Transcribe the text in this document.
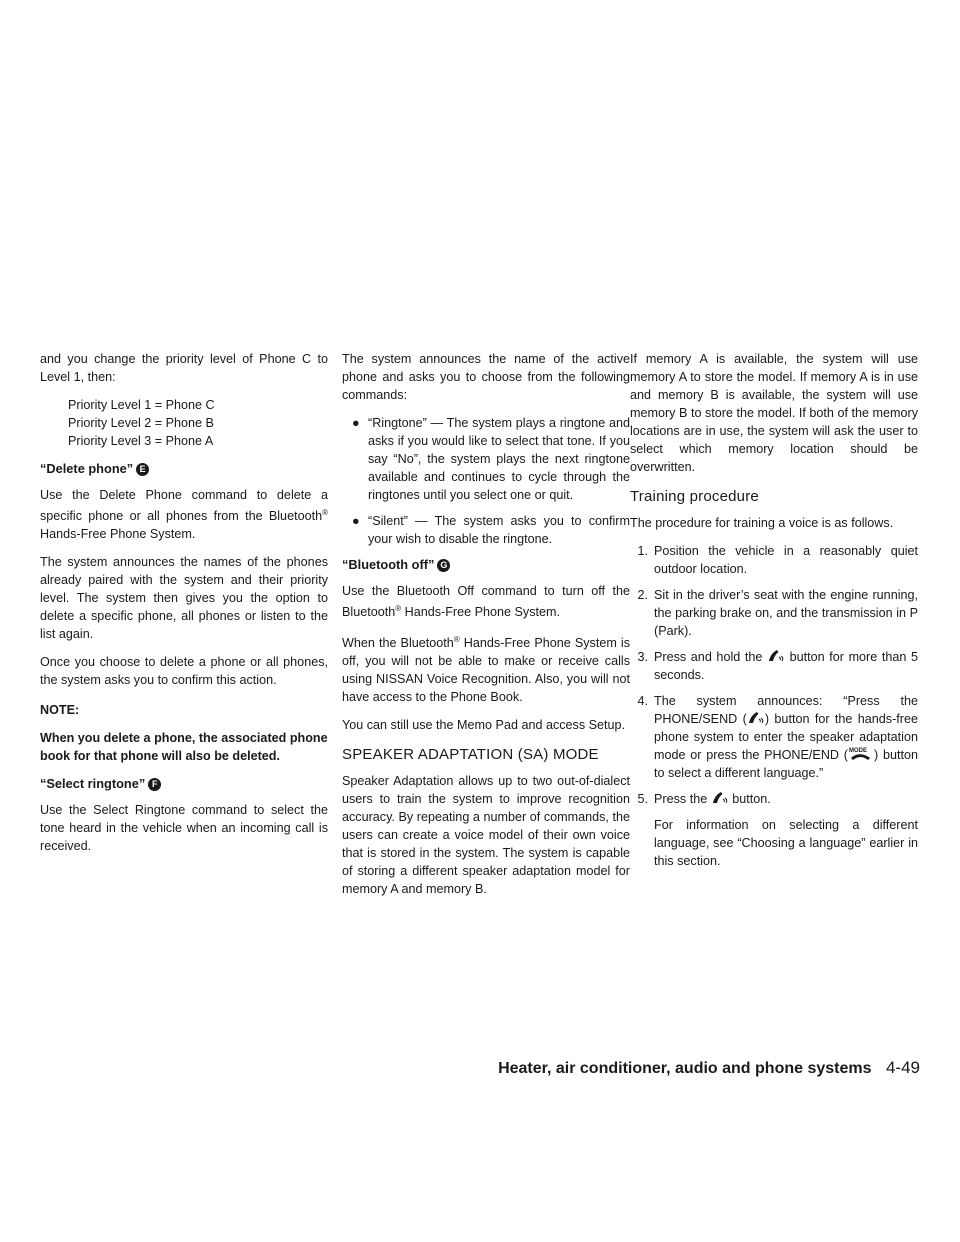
and you change the priority level of Phone C to Level 1, then:

Priority Level 1 = Phone C
Priority Level 2 = Phone B
Priority Level 3 = Phone A
“Delete phone” E

Use the Delete Phone command to delete a specific phone or all phones from the Bluetooth® Hands-Free Phone System.

The system announces the names of the phones already paired with the system and their priority level. The system then gives you the option to delete a specific phone, all phones or listen to the list again.

Once you choose to delete a phone or all phones, the system asks you to confirm this action.

NOTE:

When you delete a phone, the associated phone book for that phone will also be deleted.

“Select ringtone” F

Use the Select Ringtone command to select the tone heard in the vehicle when an incoming call is received.

The system announces the name of the active phone and asks you to choose from the following commands:

● “Ringtone” — The system plays a ringtone and asks if you would like to select that tone. If you say “No”, the system plays the next ringtone available and continues to cycle through the ringtones until you select one or quit.
● “Silent” — The system asks you to confirm your wish to disable the ringtone.
“Bluetooth off” G

Use the Bluetooth Off command to turn off the Bluetooth® Hands-Free Phone System.

When the Bluetooth® Hands-Free Phone System is off, you will not be able to make or receive calls using NISSAN Voice Recognition. Also, you will not have access to the Phone Book.

You can still use the Memo Pad and access Setup.

SPEAKER ADAPTATION (SA) MODE

Speaker Adaptation allows up to two out-of-dialect users to train the system to improve recognition accuracy. By repeating a number of commands, the users can create a voice model of their own voice that is stored in the system. The system is capable of storing a different speaker adaptation model for memory A and memory B.

If memory A is available, the system will use memory A to store the model. If memory A is in use and memory B is available, the system will use memory B to store the model. If both of the memory locations are in use, the system will ask the user to select which memory location should be overwritten.

Training procedure

The procedure for training a voice is as follows.

1. Position the vehicle in a reasonably quiet outdoor location.
2. Sit in the driver’s seat with the engine running, the parking brake on, and the transmission in P (Park).
3. Press and hold the button for more than 5 seconds.
4. The system announces: “Press the PHONE/SEND ( ) button for the hands-free phone system to enter the speaker adaptation mode or press the PHONE/END ( MODE ) button to select a different language.”
5. Press the button.

For information on selecting a different language, see “Choosing a language” earlier in this section.

Heater, air conditioner, audio and phone systems 4-49
